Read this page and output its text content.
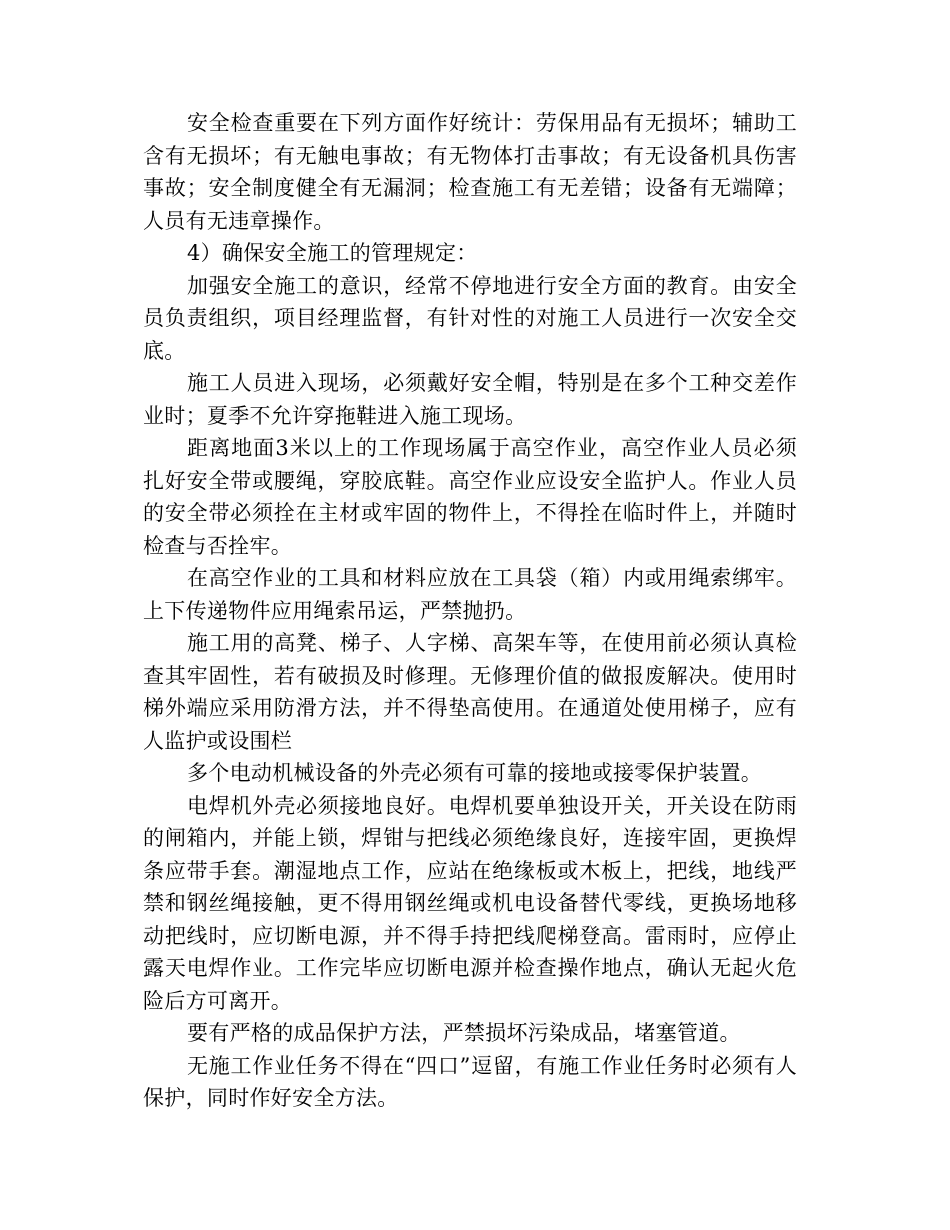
安全检查重要在下列方面作好统计：劳保用品有无损坏；辅助工含有无损坏；有无触电事故；有无物体打击事故；有无设备机具伤害事故；安全制度健全有无漏洞；检查施工有无差错；设备有无端障；人员有无违章操作。

4）确保安全施工的管理规定：

加强安全施工的意识，经常不停地进行安全方面的教育。由安全员负责组织，项目经理监督，有针对性的对施工人员进行一次安全交底。

施工人员进入现场，必须戴好安全帽，特别是在多个工种交差作业时；夏季不允许穿拖鞋进入施工现场。

距离地面3米以上的工作现场属于高空作业，高空作业人员必须扎好安全带或腰绳，穿胶底鞋。高空作业应设安全监护人。作业人员的安全带必须拴在主材或牢固的物件上，不得拴在临时件上，并随时检查与否拴牢。

在高空作业的工具和材料应放在工具袋（箱）内或用绳索绑牢。上下传递物件应用绳索吊运，严禁抛扔。

施工用的高凳、梯子、人字梯、高架车等，在使用前必须认真检查其牢固性，若有破损及时修理。无修理价值的做报废解决。使用时梯外端应采用防滑方法，并不得垫高使用。在通道处使用梯子，应有人监护或设围栏

多个电动机械设备的外壳必须有可靠的接地或接零保护装置。

电焊机外壳必须接地良好。电焊机要单独设开关，开关设在防雨的闸箱内，并能上锁，焊钳与把线必须绝缘良好，连接牢固，更换焊条应带手套。潮湿地点工作，应站在绝缘板或木板上，把线，地线严禁和钢丝绳接触，更不得用钢丝绳或机电设备替代零线，更换场地移动把线时，应切断电源，并不得手持把线爬梯登高。雷雨时，应停止露天电焊作业。工作完毕应切断电源并检查操作地点，确认无起火危险后方可离开。

要有严格的成品保护方法，严禁损坏污染成品，堵塞管道。

无施工作业任务不得在“四口”逗留，有施工作业任务时必须有人保护，同时作好安全方法。
